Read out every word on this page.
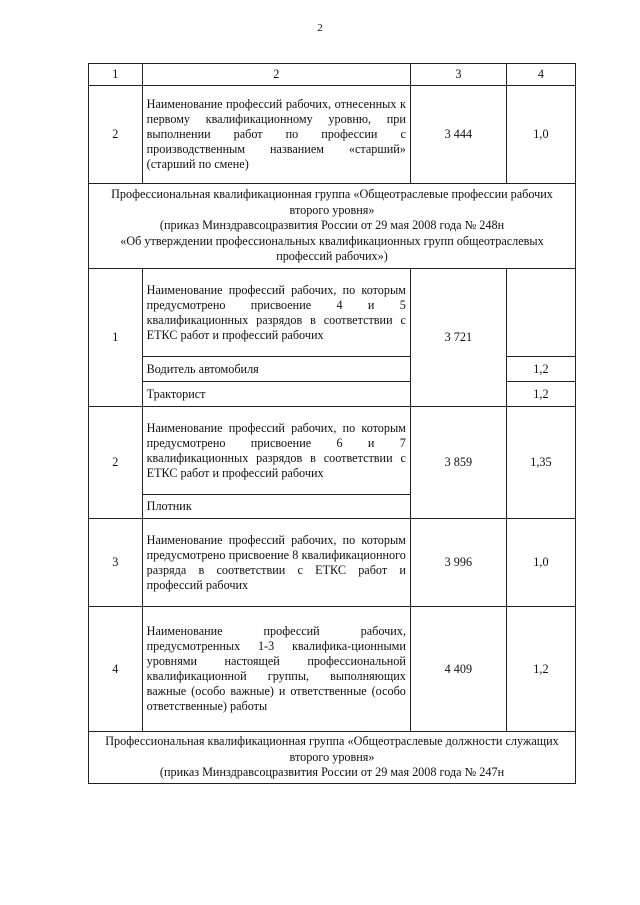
2
1	2	3	4
2	Наименование профессий рабочих, отнесенных к первому квалификационному уровню, при выполнении работ по профессии с производственным названием «старший» (старший по смене)	3 444	1,0

Профессиональная квалификационная группа «Общеотраслевые профессии рабочих второго уровня»
(приказ Минздравсоцразвития России от 29 мая 2008 года № 248н
«Об утверждении профессиональных квалификационных групп общеотраслевых профессий рабочих»)			

1	Наименование профессий рабочих, по которым предусмотрено присвоение 4 и 5 квалификационных разрядов в соответствии с ЕТКС работ и профессий рабочих	3 721	
	Водитель автомобиля		1,2
	Тракторист		1,2
2	Наименование профессий рабочих, по которым предусмотрено присвоение 6 и 7 квалификационных разрядов в соответствии с ЕТКС работ и профессий рабочих	3 859	1,35
	Плотник		
3	Наименование профессий рабочих, по которым предусмотрено присвоение 8 квалификационного разряда в соответствии с ЕТКС работ и профессий рабочих	3 996	1,0
4	Наименование профессий рабочих, предусмотренных 1-3 квалифика-ционными уровнями настоящей профессиональной квалификационной группы, выполняющих важные (особо важные) и ответственные (особо ответственные) работы	4 409	1,2

Профессиональная квалификационная группа «Общеотраслевые должности служащих второго уровня»
(приказ Минздравсоцразвития России от 29 мая 2008 года № 247н			
